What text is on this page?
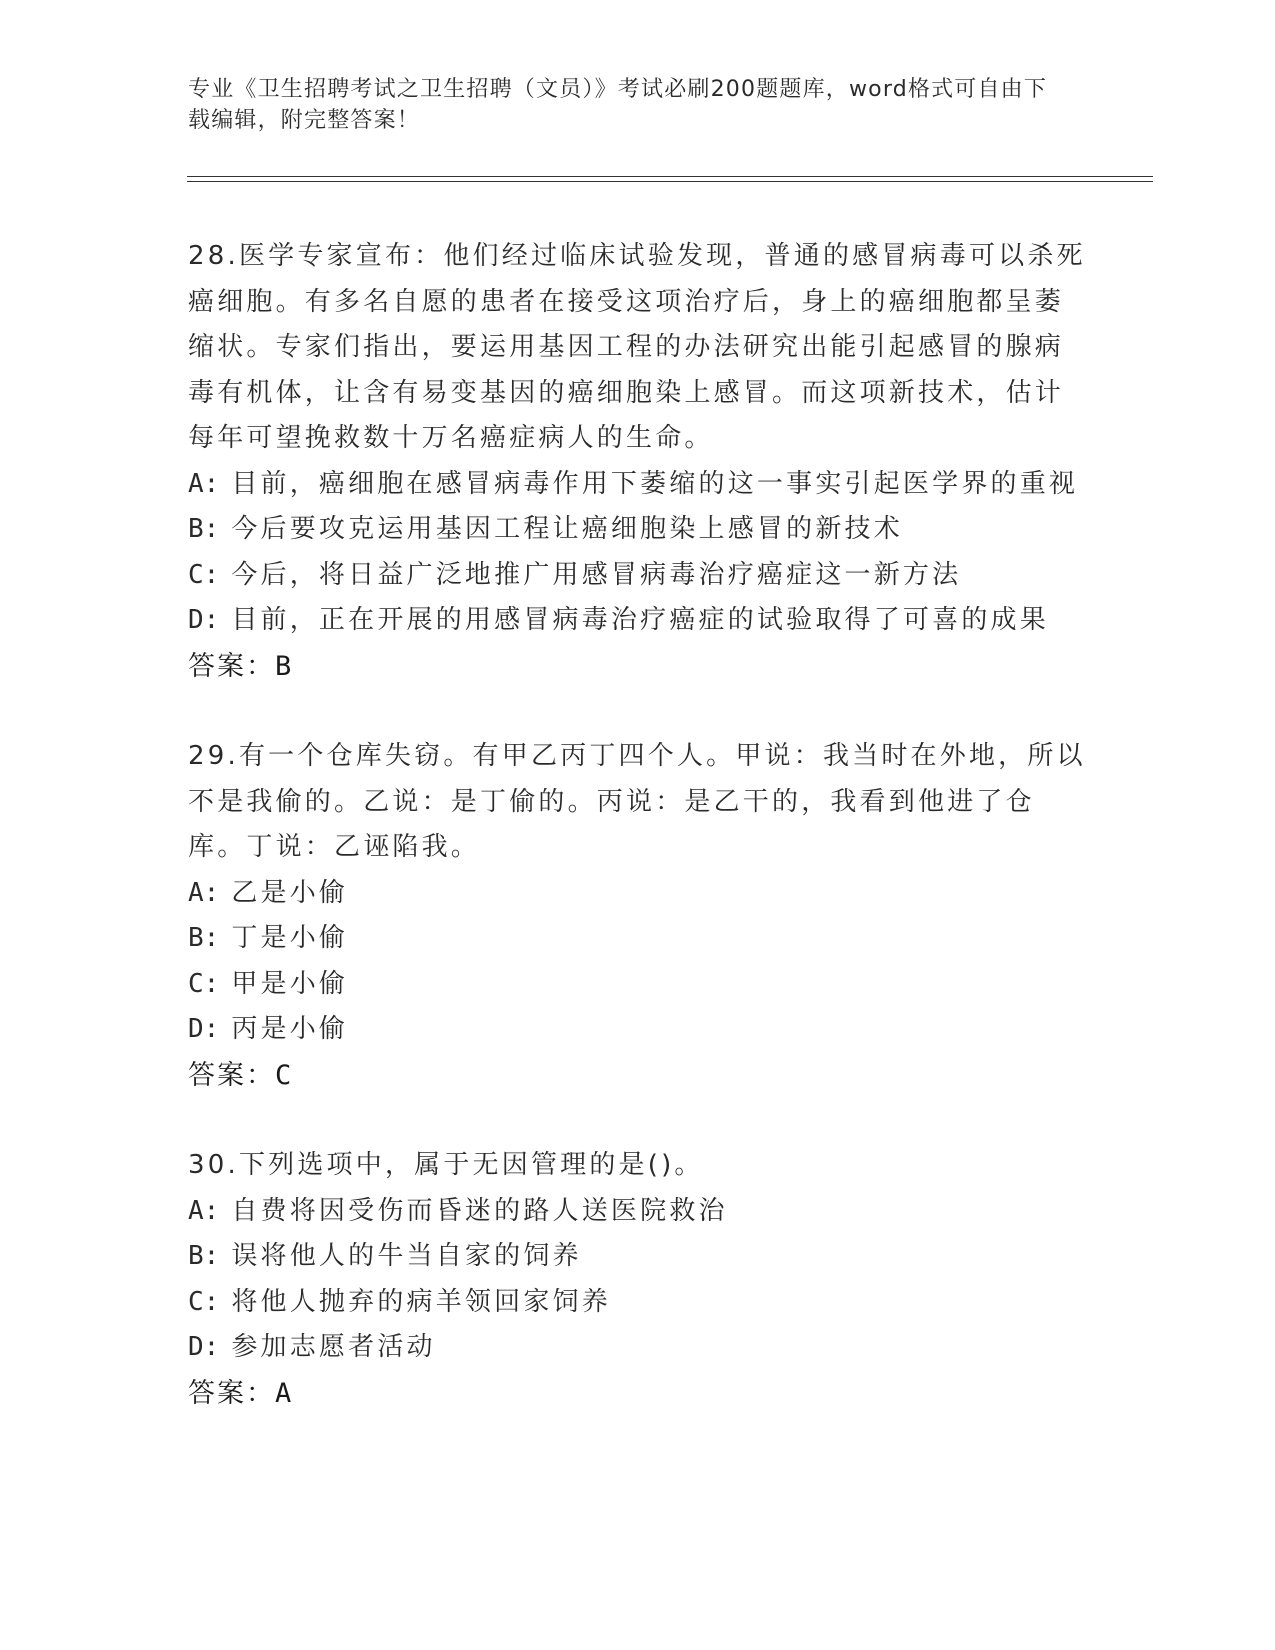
专业《卫生招聘考试之卫生招聘（文员）》考试必刷200题题库，word格式可自由下载编辑，附完整答案！

28.医学专家宣布：他们经过临床试验发现，普通的感冒病毒可以杀死癌细胞。有多名自愿的患者在接受这项治疗后，身上的癌细胞都呈萎缩状。专家们指出，要运用基因工程的办法研究出能引起感冒的腺病毒有机体，让含有易变基因的癌细胞染上感冒。而这项新技术，估计每年可望挽救数十万名癌症病人的生命。

A: 目前，癌细胞在感冒病毒作用下萎缩的这一事实引起医学界的重视
B: 今后要攻克运用基因工程让癌细胞染上感冒的新技术
C: 今后，将日益广泛地推广用感冒病毒治疗癌症这一新方法
D: 目前，正在开展的用感冒病毒治疗癌症的试验取得了可喜的成果
答案：B

29.有一个仓库失窃。有甲乙丙丁四个人。甲说：我当时在外地，所以不是我偷的。乙说：是丁偷的。丙说：是乙干的，我看到他进了仓库。丁说：乙诬陷我。

A: 乙是小偷
B: 丁是小偷
C: 甲是小偷
D: 丙是小偷
答案：C

30.下列选项中，属于无因管理的是()。

A: 自费将因受伤而昏迷的路人送医院救治
B: 误将他人的牛当自家的饲养
C: 将他人抛弃的病羊领回家饲养
D: 参加志愿者活动
答案：A
